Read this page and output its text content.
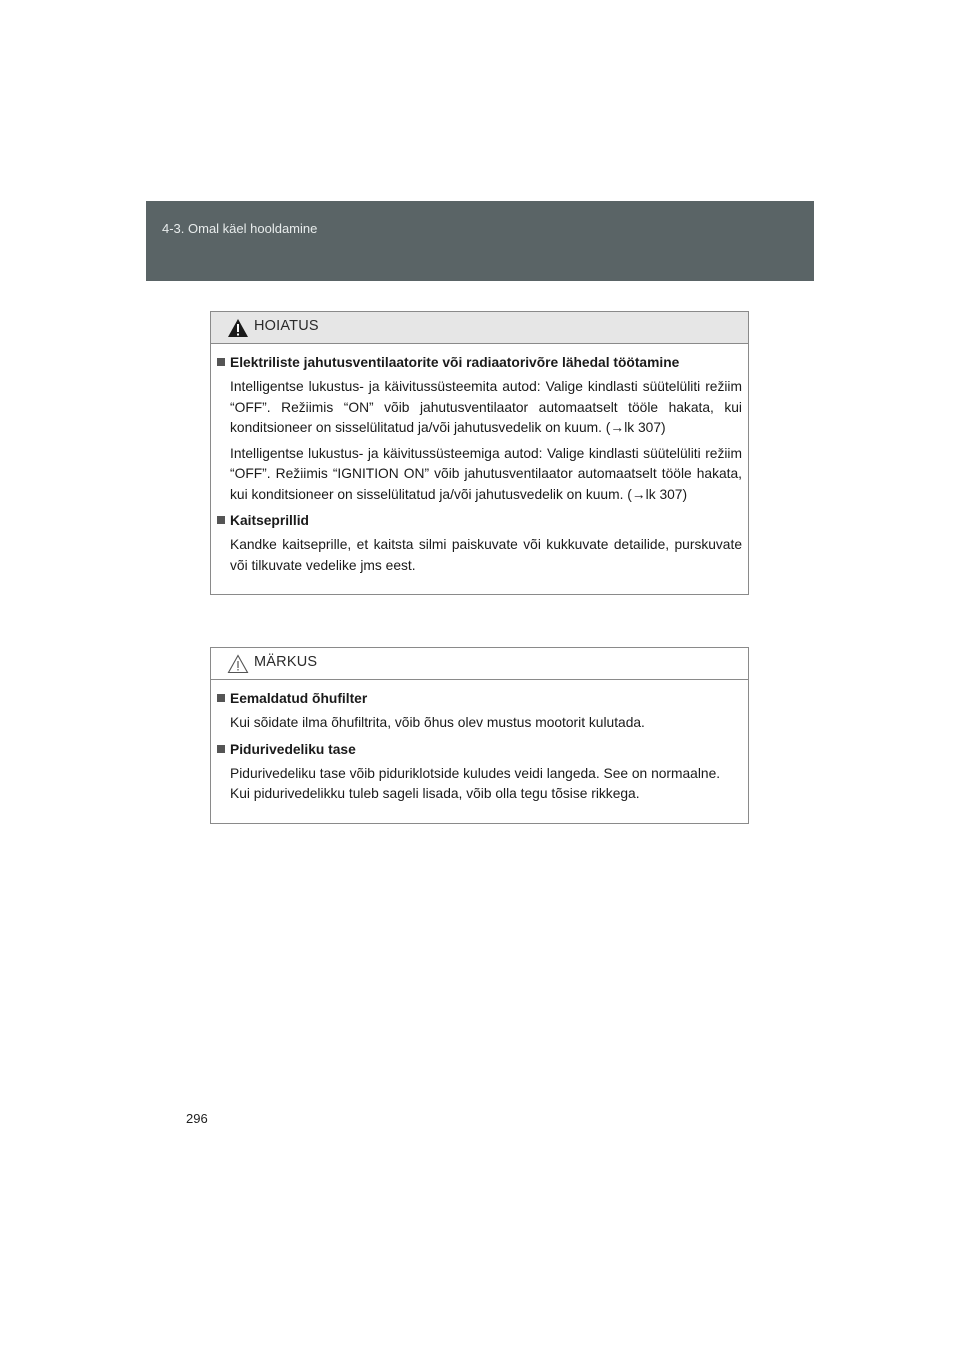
4-3. Omal käel hooldamine
HOIATUS
Elektriliste jahutusventilaatorite või radiaatorivõre lähedal töötamine
Intelligentse lukustus- ja käivitussüsteemita autod: Valige kindlasti süütelüliti režiim “OFF”. Režiimis “ON” võib jahutusventilaator automaatselt tööle hakata, kui konditsioneer on sisselülitatud ja/või jahutusvedelik on kuum. (→lk 307)
Intelligentse lukustus- ja käivitussüsteemiga autod: Valige kindlasti süütelüliti režiim “OFF”. Režiimis “IGNITION ON” võib jahutusventilaator automaatselt tööle hakata, kui konditsioneer on sisselülitatud ja/või jahutusvedelik on kuum. (→lk 307)
Kaitseprillid
Kandke kaitseprille, et kaitsta silmi paiskuvate või kukkuvate detailide, purskuvate või tilkuvate vedelike jms eest.
MÄRKUS
Eemaldatud õhufilter
Kui sõidate ilma õhufiltrita, võib õhus olev mustus mootorit kulutada.
Pidurivedeliku tase
Pidurivedeliku tase võib piduriklotside kuludes veidi langeda. See on normaalne.
Kui pidurivedelikku tuleb sageli lisada, võib olla tegu tõsise rikkega.
296
